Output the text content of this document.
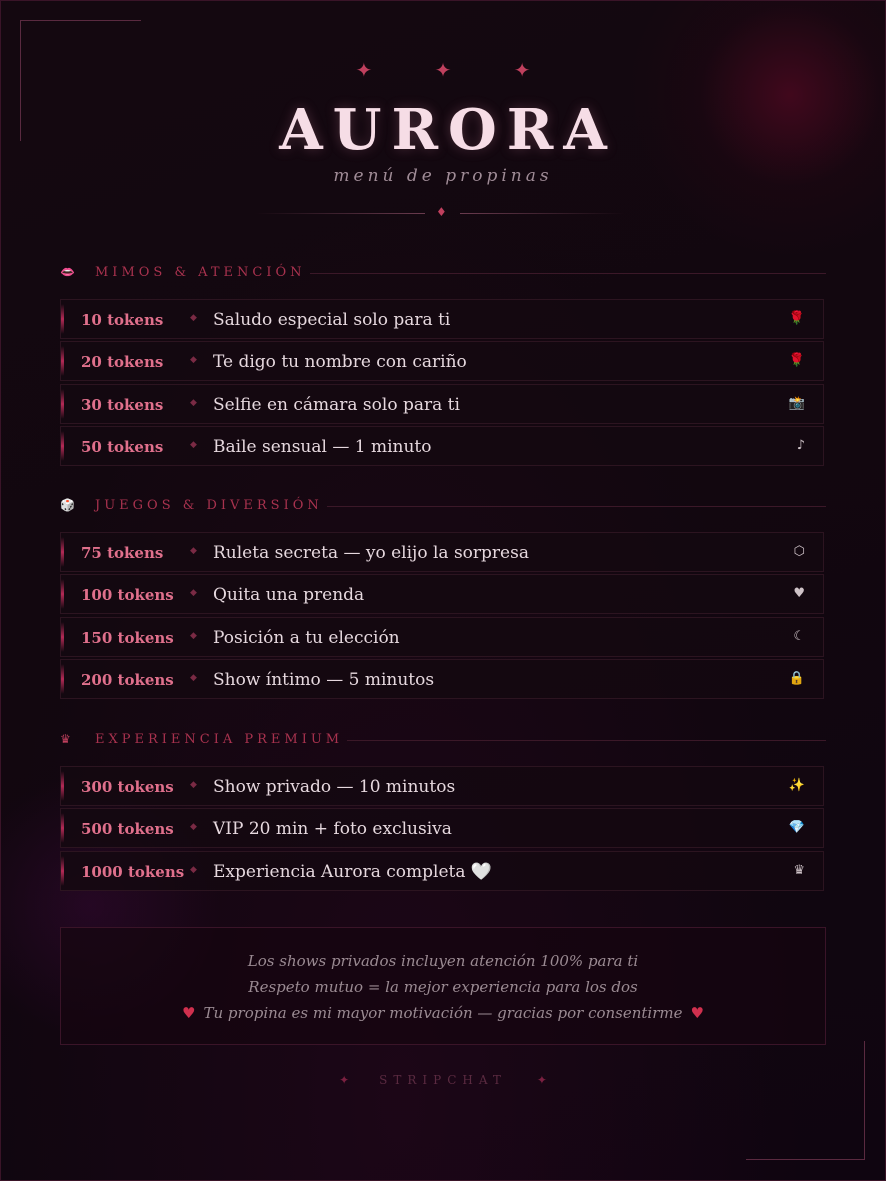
✦ ✦ ✦
AURORA
menú de propinas
♦
👄 MIMOS & ATENCIÓN
10 tokens	◆ Saludo especial solo para ti	🌹
20 tokens	◆ Te digo tu nombre con cariño	🌹
30 tokens	◆ Selfie en cámara solo para ti	📸
50 tokens	◆ Baile sensual — 1 minuto	♪
🎲 JUEGOS & DIVERSIÓN
75 tokens	◆ Ruleta secreta — yo elijo la sorpresa	⬡
100 tokens ◆ Quita una prenda	♥
150 tokens ◆ Posición a tu elección	☾
200 tokens ◆ Show íntimo — 5 minutos	🔒
♛ EXPERIENCIA PREMIUM
300 tokens ◆ Show privado — 10 minutos	✨
500 tokens ◆ VIP 20 min + foto exclusiva	💎
1000 tokens ◆ Experiencia Aurora completa 🤍	♛
Los shows privados incluyen atención 100% para ti
Respeto mutuo = la mejor experiencia para los dos
♥ Tu propina es mi mayor motivación — gracias por consentirme ♥
✦	STRIPCHAT	✦
